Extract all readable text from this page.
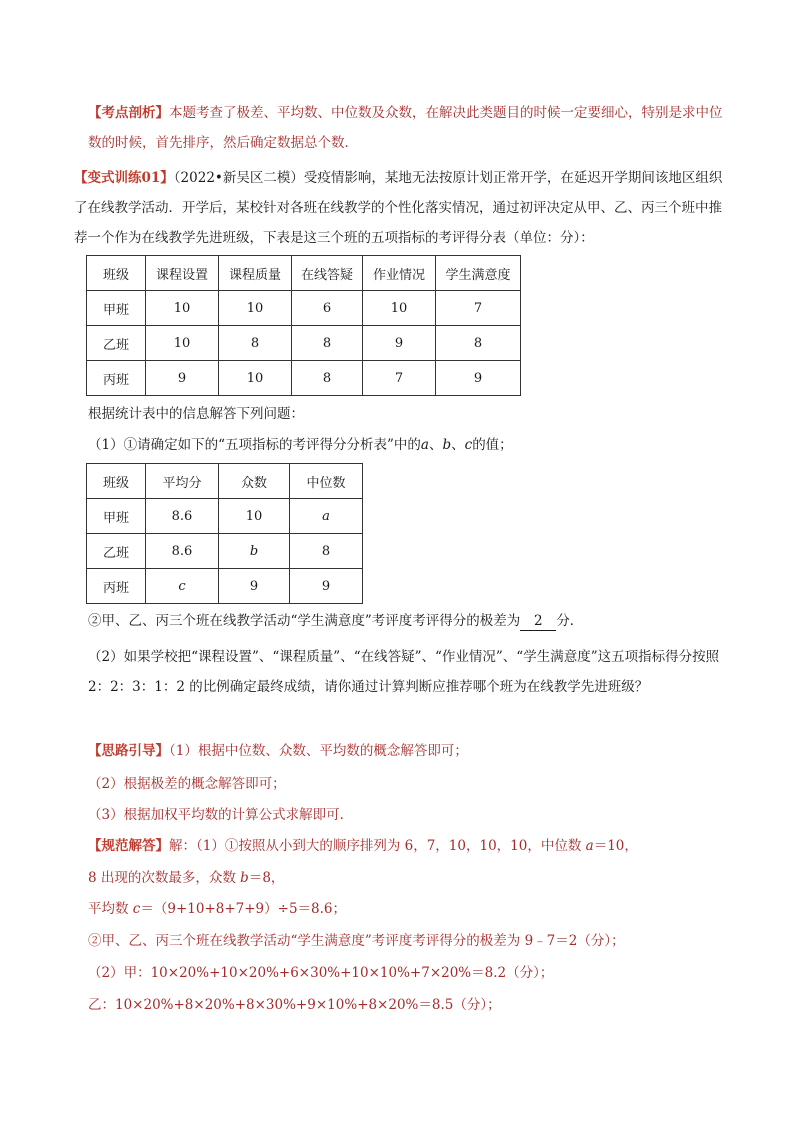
【考点剖析】本题考查了极差、平均数、中位数及众数，在解决此类题目的时候一定要细心，特别是求中位数的时候，首先排序，然后确定数据总个数．
【变式训练01】（2022•新吴区二模）受疫情影响，某地无法按原计划正常开学，在延迟开学期间该地区组织了在线教学活动．开学后，某校针对各班在线教学的个性化落实情况，通过初评决定从甲、乙、丙三个班中推荐一个作为在线教学先进班级，下表是这三个班的五项指标的考评得分表（单位：分）：
班级	课程设置	课程质量	在线答疑	作业情况	学生满意度
甲班	10	10	6	10	7
乙班	10	8	8	9	8
丙班	9	10	8	7	9
根据统计表中的信息解答下列问题：
（1）①请确定如下的“五项指标的考评得分分析表”中的a、b、c的值；
班级	平均分	众数	中位数
甲班	8.6	10	a
乙班	8.6	b	8
丙班	c	9	9
②甲、乙、丙三个班在线教学活动“学生满意度”考评度考评得分的极差为 2 分．
（2）如果学校把“课程设置”、“课程质量”、“在线答疑”、“作业情况”、“学生满意度”这五项指标得分按照 2：2：3：1：2 的比例确定最终成绩，请你通过计算判断应推荐哪个班为在线教学先进班级？
【思路引导】（1）根据中位数、众数、平均数的概念解答即可；
（2）根据极差的概念解答即可；
（3）根据加权平均数的计算公式求解即可．
【规范解答】解：（1）①按照从小到大的顺序排列为 6，7，10，10，10，中位数 a＝10，
8 出现的次数最多，众数 b＝8，
平均数 c＝（9+10+8+7+9）÷5＝8.6；
②甲、乙、丙三个班在线教学活动“学生满意度”考评度考评得分的极差为 9﹣7＝2（分）；
（2）甲：10×20%+10×20%+6×30%+10×10%+7×20%＝8.2（分）；
乙：10×20%+8×20%+8×30%+9×10%+8×20%＝8.5（分）；
